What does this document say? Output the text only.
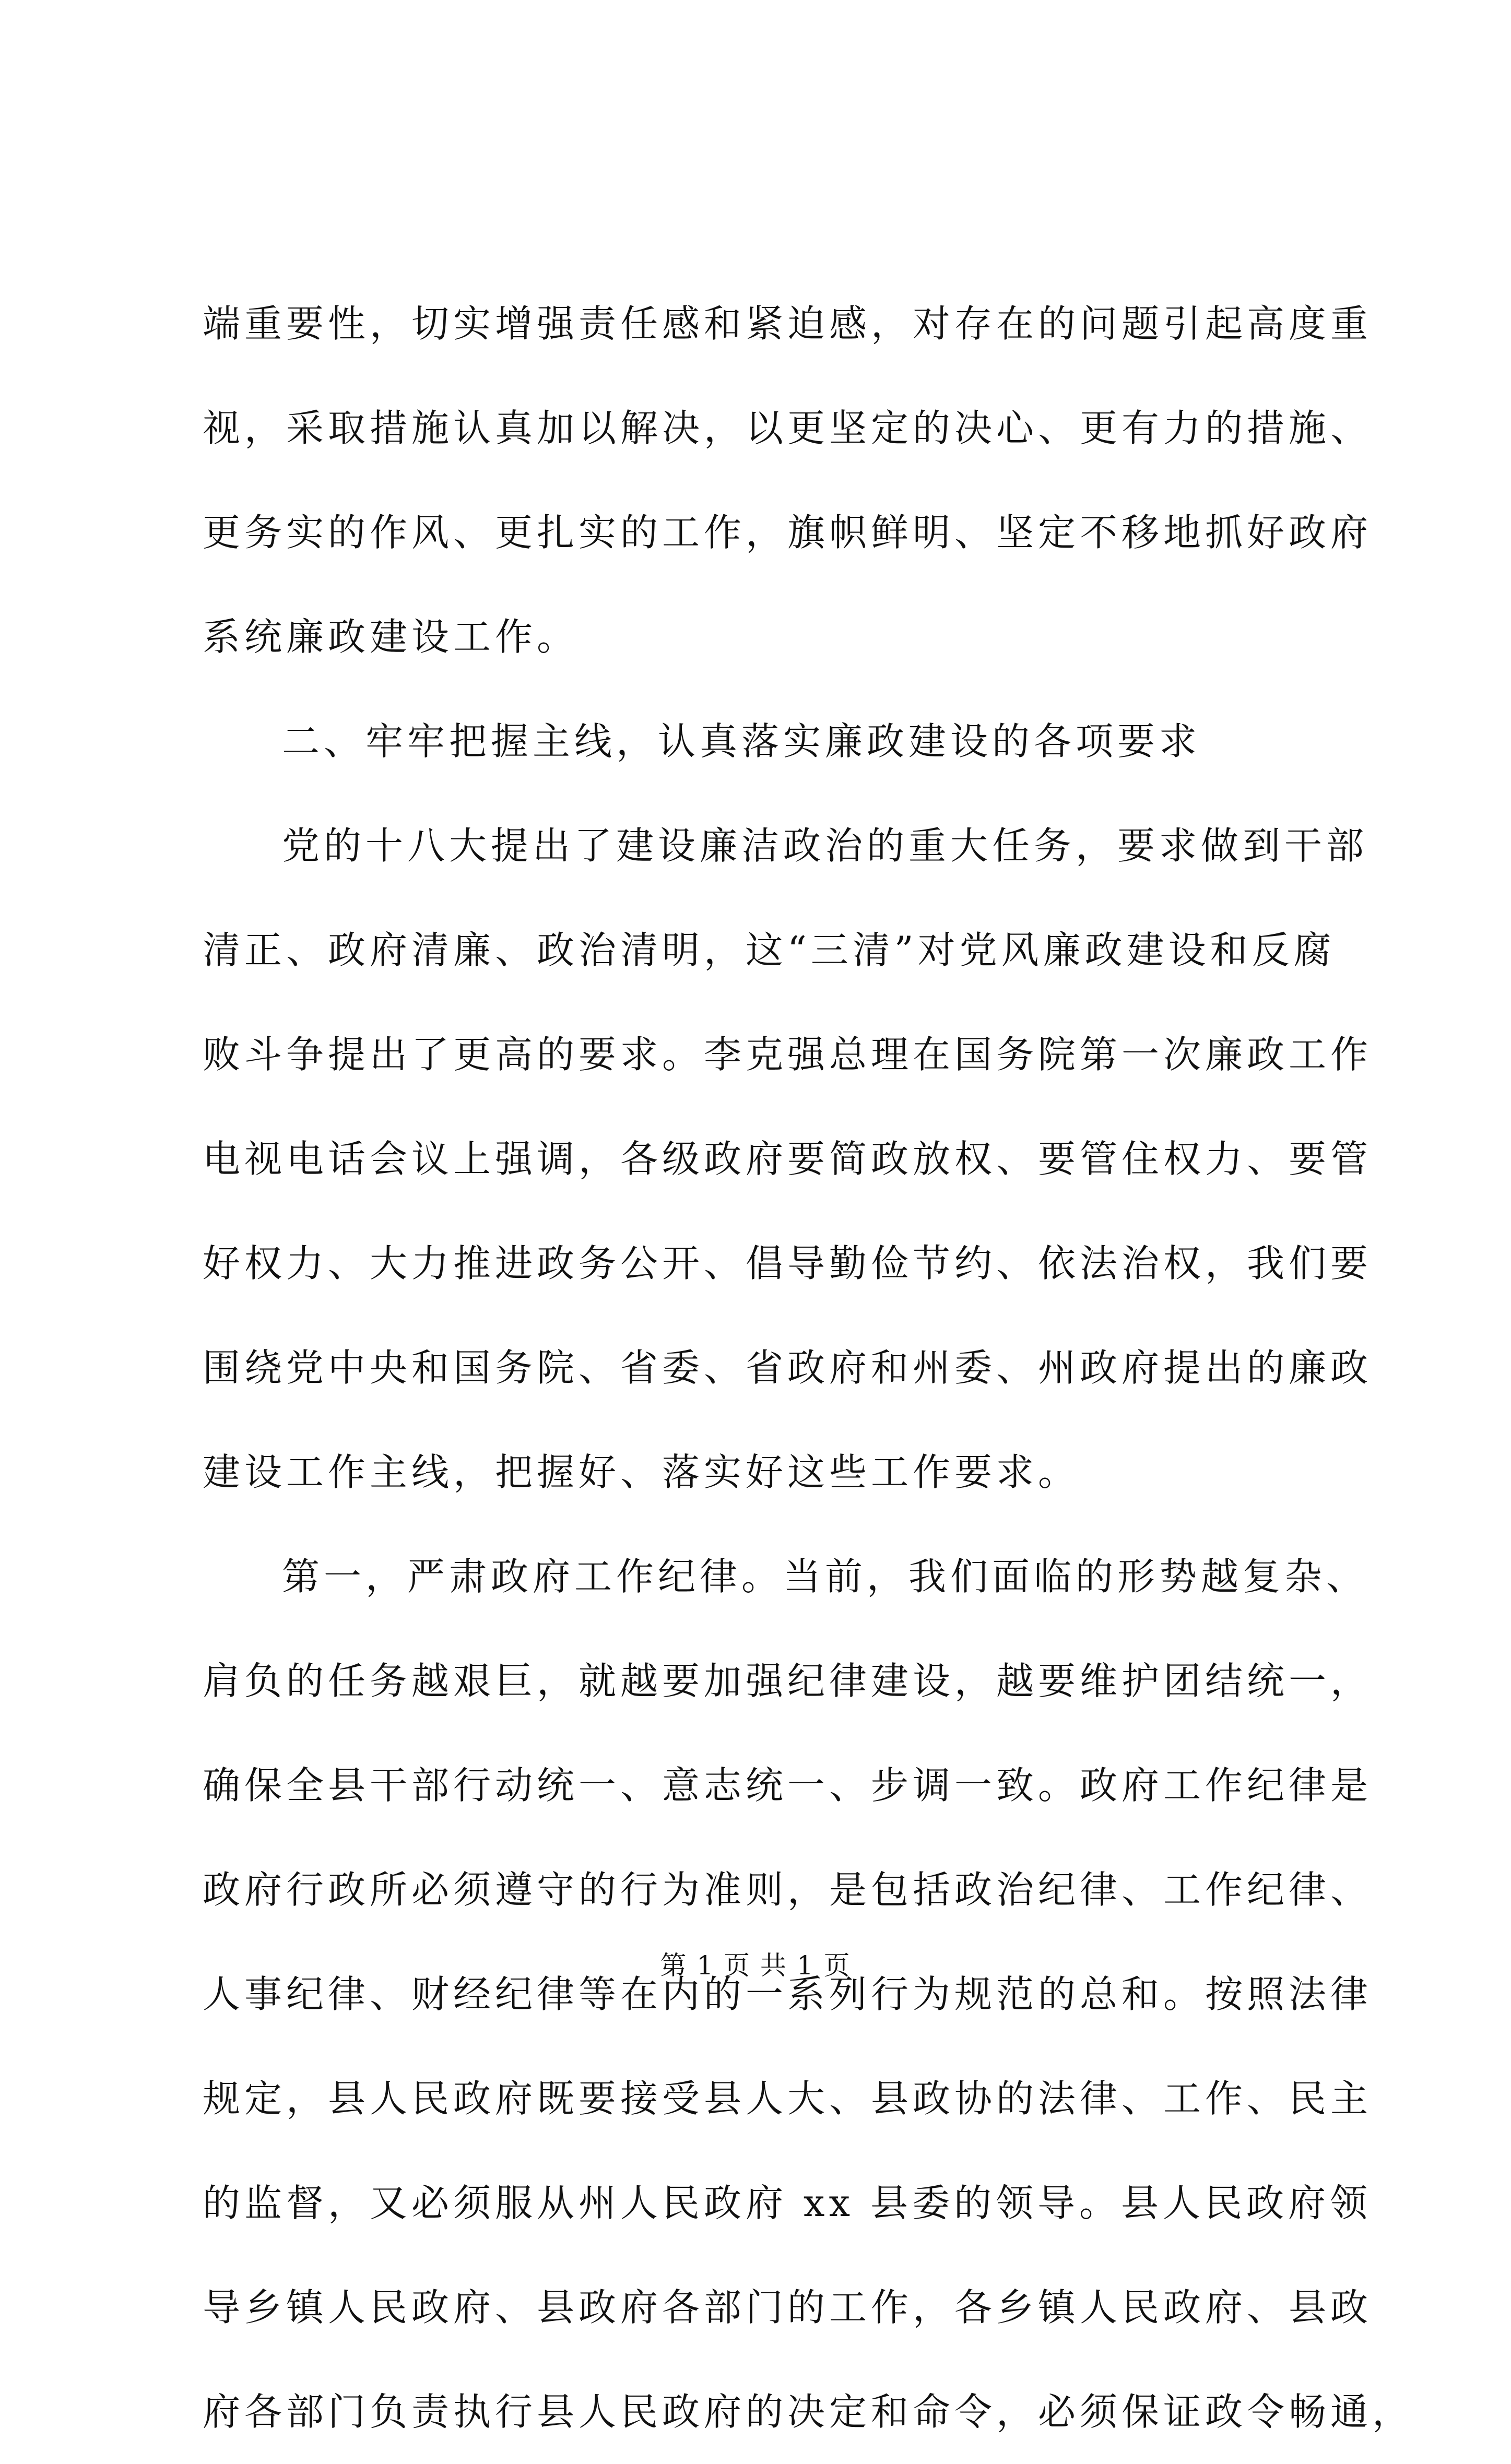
端重要性，切实增强责任感和紧迫感，对存在的问题引起高度重
视，采取措施认真加以解决，以更坚定的决心、更有力的措施、
更务实的作风、更扎实的工作，旗帜鲜明、坚定不移地抓好政府
系统廉政建设工作。
二、牢牢把握主线，认真落实廉政建设的各项要求
党的十八大提出了建设廉洁政治的重大任务，要求做到干部
清正、政府清廉、政治清明，这“三清”对党风廉政建设和反腐
败斗争提出了更高的要求。李克强总理在国务院第一次廉政工作
电视电话会议上强调，各级政府要简政放权、要管住权力、要管
好权力、大力推进政务公开、倡导勤俭节约、依法治权，我们要
围绕党中央和国务院、省委、省政府和州委、州政府提出的廉政
建设工作主线，把握好、落实好这些工作要求。
第一，严肃政府工作纪律。当前，我们面临的形势越复杂、
肩负的任务越艰巨，就越要加强纪律建设，越要维护团结统一，
确保全县干部行动统一、意志统一、步调一致。政府工作纪律是
政府行政所必须遵守的行为准则，是包括政治纪律、工作纪律、
人事纪律、财经纪律等在内的一系列行为规范的总和。按照法律
规定，县人民政府既要接受县人大、县政协的法律、工作、民主
的监督，又必须服从州人民政府 xx 县委的领导。县人民政府领
导乡镇人民政府、县政府各部门的工作，各乡镇人民政府、县政
府各部门负责执行县人民政府的决定和命令，必须保证政令畅通，
第 1 页 共 1 页
